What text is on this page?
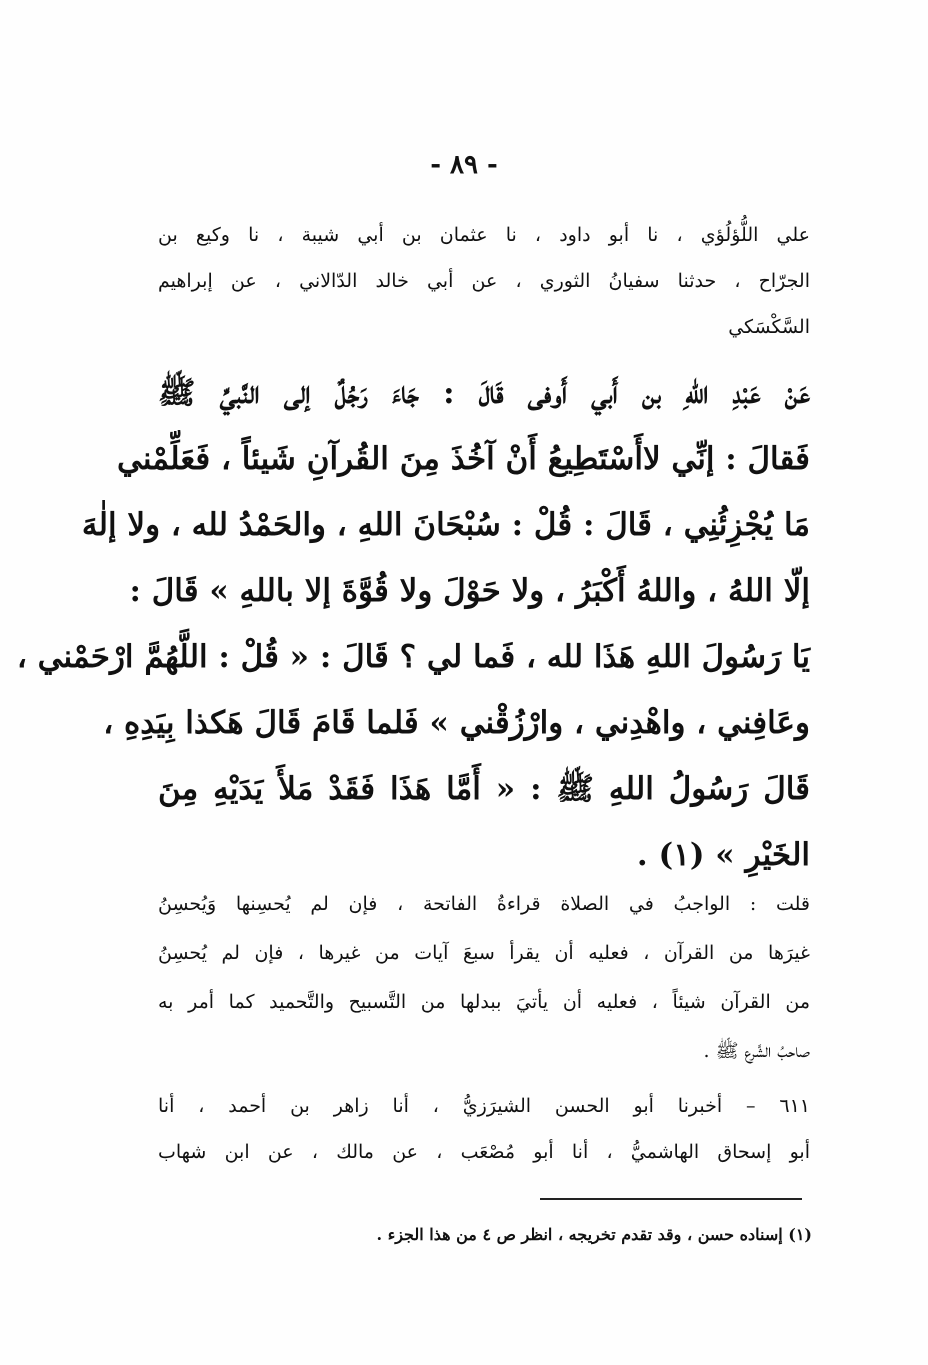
- ٨٩ -
علي اللُّؤلُؤي ، نا أبو داود ، نا عثمان بن أبي شيبة ، نا وكيع بن
الجرّاح ، حدثنا سفيانُ الثوري ، عن أبي خالد الدّالاني ، عن إبراهيم
السَّكْسَكي
عَنْ عَبْدِ اللهِ بن أَبي أَوفى قَالَ : جَاءَ رَجُلٌ إلى النَّبيِّ ﷺ
فَقالَ : إنِّي لاأَسْتَطِيعُ أَنْ آخُذَ مِنَ القُرآنِ شَيئاً ، فَعَلِّمْني
مَا يُجْزِئُنِي ، قَالَ : قُلْ : سُبْحَانَ اللهِ ، والحَمْدُ لله ، ولا إلٰهَ
إلّا اللهُ ، واللهُ أَكْبَرُ ، ولا حَوْلَ ولا قُوَّةَ إلا باللهِ » قَالَ :
يَا رَسُولَ اللهِ هَذَا لله ، فَما لي ؟ قَالَ : « قُلْ : اللَّهُمَّ ارْحَمْني ،
وعَافِني ، واهْدِني ، وارْزُقْني » فَلما قَامَ قَالَ هَكذا بِيَدِهِ ،
قَالَ رَسُولُ اللهِ ﷺ : « أَمَّا هَذَا فَقَدْ مَلأَ يَدَيْهِ مِنَ
الخَيْرِ » (١) .
قلت : الواجبُ في الصلاة قراءةُ الفاتحة ، فإن لم يُحسِنها وَيُحسِنُ
غيرَها من القرآن ، فعليه أن يقرأ سبعَ آيات من غيرها ، فإن لم يُحسِنُ
من القرآن شيئاً ، فعليه أن يأتيَ ببدلها من التَّسبيح والتَّحميد كما أمر به
صاحبُ الشَّرع ﷺ .
٦١١ – أخبرنا أبو الحسن الشيرَزيُّ ، أنا زاهر بن أحمد ، أنا
أبو إسحاق الهاشميُّ ، أنا أبو مُصْعَب ، عن مالك ، عن ابن شهاب
(١) إسناده حسن ، وقد تقدم تخريجه ، انظر ص ٤ من هذا الجزء .
